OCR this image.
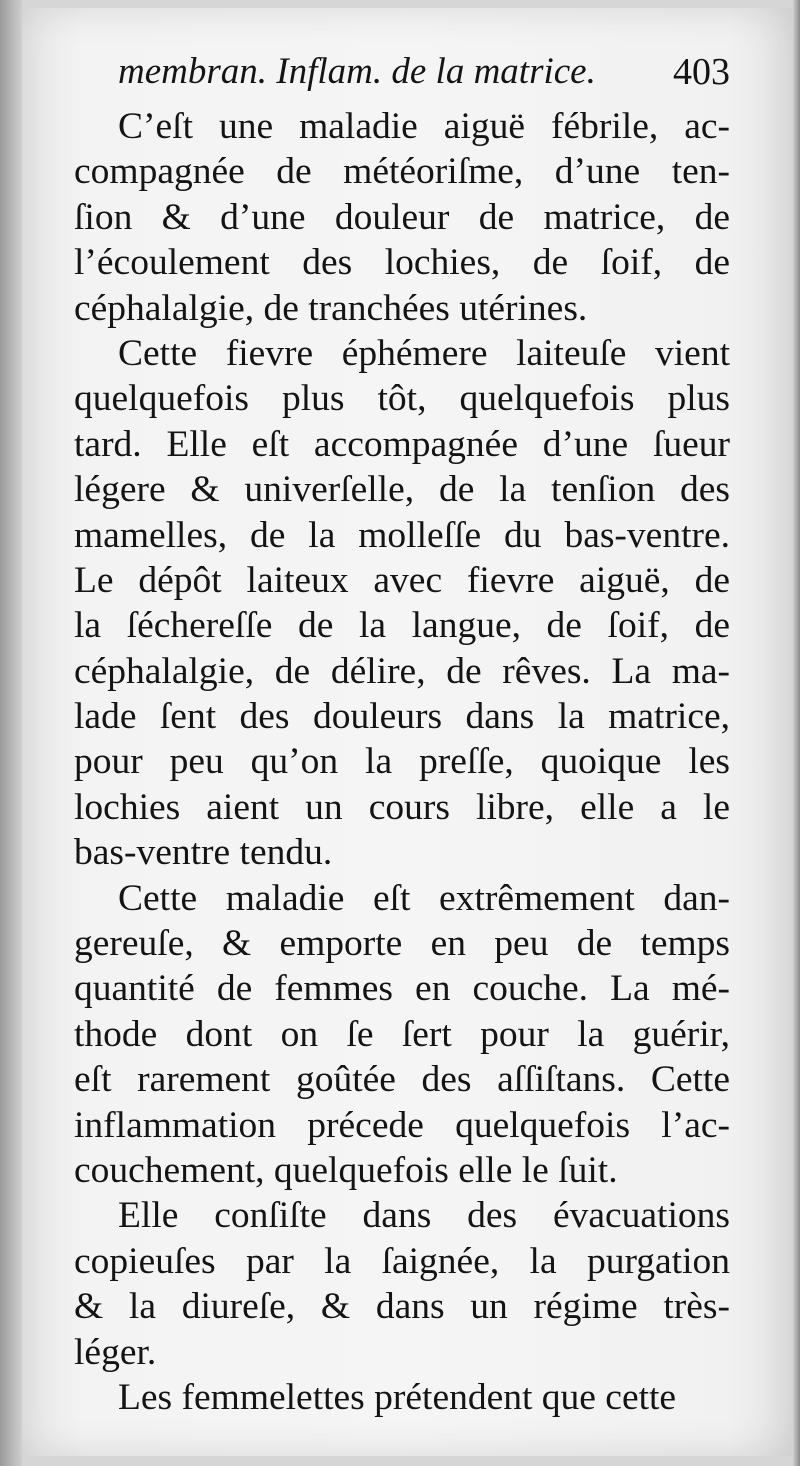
membran. Inflam. de la matrice. 403
C’eſt une maladie aiguë fébrile, ac-
compagnée de météoriſme, d’une ten-
ſion & d’une douleur de matrice, de
l’écoulement des lochies, de ſoif, de
céphalalgie, de tranchées utérines.
Cette fievre éphémere laiteuſe vient
quelquefois plus tôt, quelquefois plus
tard. Elle eſt accompagnée d’une ſueur
légere & univerſelle, de la tenſion des
mamelles, de la molleſſe du bas-ventre.
Le dépôt laiteux avec fievre aiguë, de
la ſéchereſſe de la langue, de ſoif, de
céphalalgie, de délire, de rêves. La ma-
lade ſent des douleurs dans la matrice,
pour peu qu’on la preſſe, quoique les
lochies aient un cours libre, elle a le
bas-ventre tendu.
Cette maladie eſt extrêmement dan-
gereuſe, & emporte en peu de temps
quantité de femmes en couche. La mé-
thode dont on ſe ſert pour la guérir,
eſt rarement goûtée des aſſiſtans. Cette
inflammation précede quelquefois l’ac-
couchement, quelquefois elle le ſuit.
Elle conſiſte dans des évacuations
copieuſes par la ſaignée, la purgation
& la diureſe, & dans un régime très-
léger.
Les femmelettes prétendent que cette
